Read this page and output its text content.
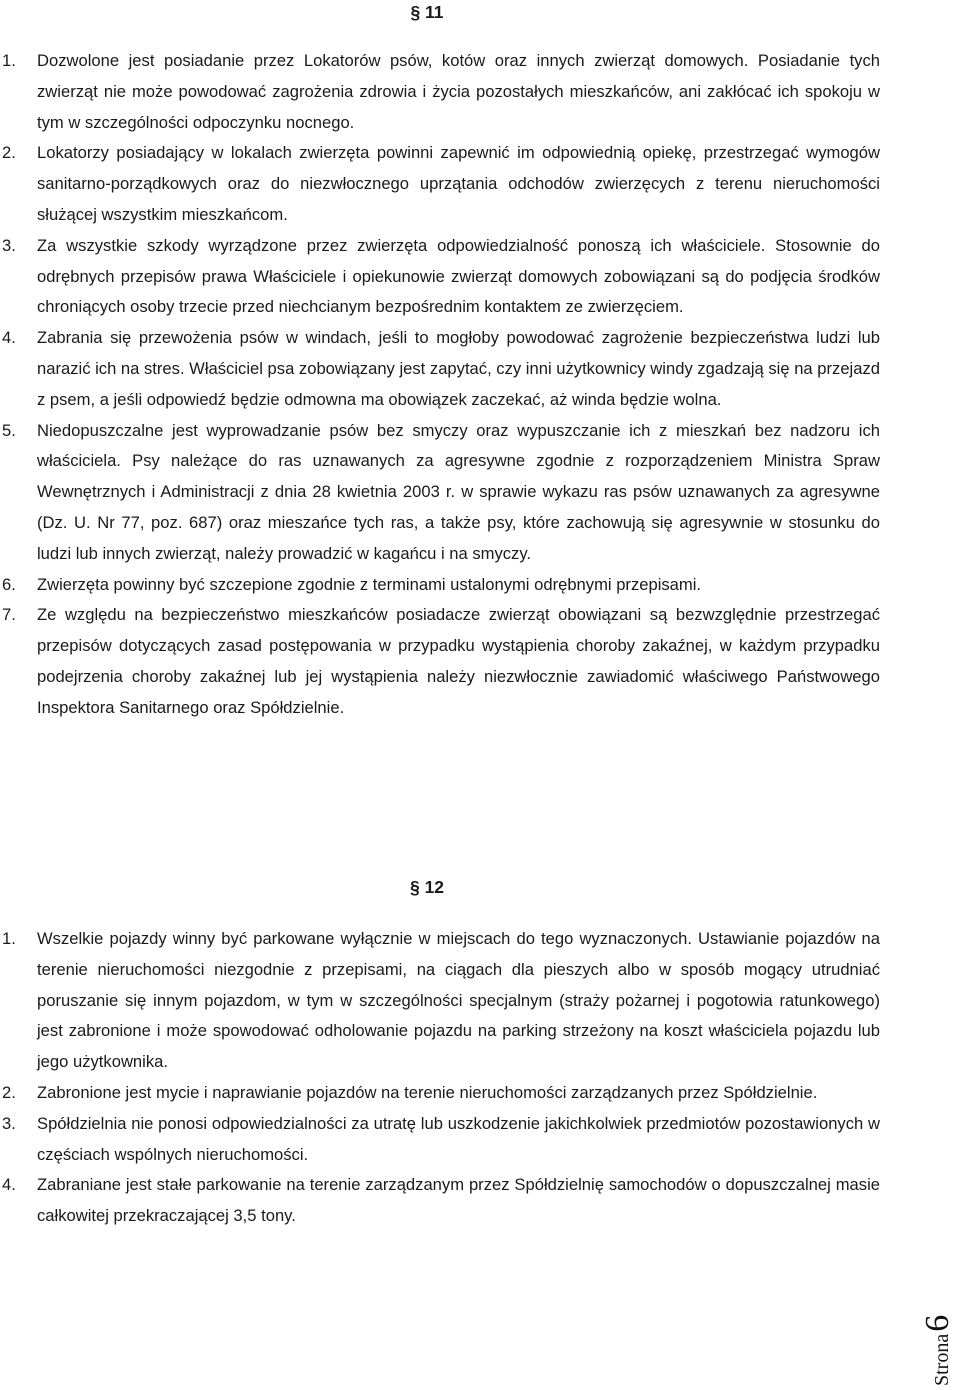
§ 11
1.	Dozwolone jest posiadanie przez Lokatorów psów, kotów oraz innych zwierząt domowych. Posiadanie tych zwierząt nie może powodować zagrożenia zdrowia i życia pozostałych mieszkańców, ani zakłócać ich spokoju w tym w szczególności odpoczynku nocnego.
2.	Lokatorzy posiadający w lokalach zwierzęta powinni zapewnić im odpowiednią opiekę, przestrzegać wymogów sanitarno-porządkowych oraz do niezwłocznego uprzątania odchodów zwierzęcych z terenu nieruchomości służącej wszystkim mieszkańcom.
3.	Za wszystkie szkody wyrządzone przez zwierzęta odpowiedzialność ponoszą ich właściciele. Stosownie do odrębnych przepisów prawa Właściciele i opiekunowie zwierząt domowych zobowiązani są do podjęcia środków chroniących osoby trzecie przed niechcianym bezpośrednim kontaktem ze zwierzęciem.
4.	Zabrania się przewożenia psów w windach, jeśli to mogłoby powodować zagrożenie bezpieczeństwa ludzi lub narazić ich na stres. Właściciel psa zobowiązany jest zapytać, czy inni użytkownicy windy zgadzają się na przejazd z psem, a jeśli odpowiedź będzie odmowna ma obowiązek zaczekać, aż winda będzie wolna.
5.	Niedopuszczalne jest wyprowadzanie psów bez smyczy oraz wypuszczanie ich z mieszkań bez nadzoru ich właściciela. Psy należące do ras uznawanych za agresywne zgodnie z rozporządzeniem Ministra Spraw Wewnętrznych i Administracji z dnia 28 kwietnia 2003 r. w sprawie wykazu ras psów uznawanych za agresywne (Dz. U. Nr 77, poz. 687) oraz mieszańce tych ras, a także psy, które zachowują się agresywnie w stosunku do ludzi lub innych zwierząt, należy prowadzić w kagańcu i na smyczy.
6.	Zwierzęta powinny być szczepione zgodnie z terminami ustalonymi odrębnymi przepisami.
7.	Ze względu na bezpieczeństwo mieszkańców posiadacze zwierząt obowiązani są bezwzględnie przestrzegać przepisów dotyczących zasad postępowania w przypadku wystąpienia choroby zakaźnej, w każdym przypadku podejrzenia choroby zakaźnej lub jej wystąpienia należy niezwłocznie zawiadomić właściwego Państwowego Inspektora Sanitarnego oraz Spółdzielnie.
§ 12
1.	Wszelkie pojazdy winny być parkowane wyłącznie w miejscach do tego wyznaczonych. Ustawianie pojazdów na terenie nieruchomości niezgodnie z przepisami, na ciągach dla pieszych albo w sposób mogący utrudniać poruszanie się innym pojazdom, w tym w szczególności specjalnym (straży pożarnej i pogotowia ratunkowego) jest zabronione i może spowodować odholowanie pojazdu na parking strzeżony na koszt właściciela pojazdu lub jego użytkownika.
2.	Zabronione jest mycie i naprawianie pojazdów na terenie nieruchomości zarządzanych przez Spółdzielnie.
3.	Spółdzielnia nie ponosi odpowiedzialności za utratę lub uszkodzenie jakichkolwiek przedmiotów pozostawionych w częściach wspólnych nieruchomości.
4.	Zabraniane jest stałe parkowanie na terenie zarządzanym przez Spółdzielnię samochodów o dopuszczalnej masie całkowitej przekraczającej 3,5 tony.
Strona6
